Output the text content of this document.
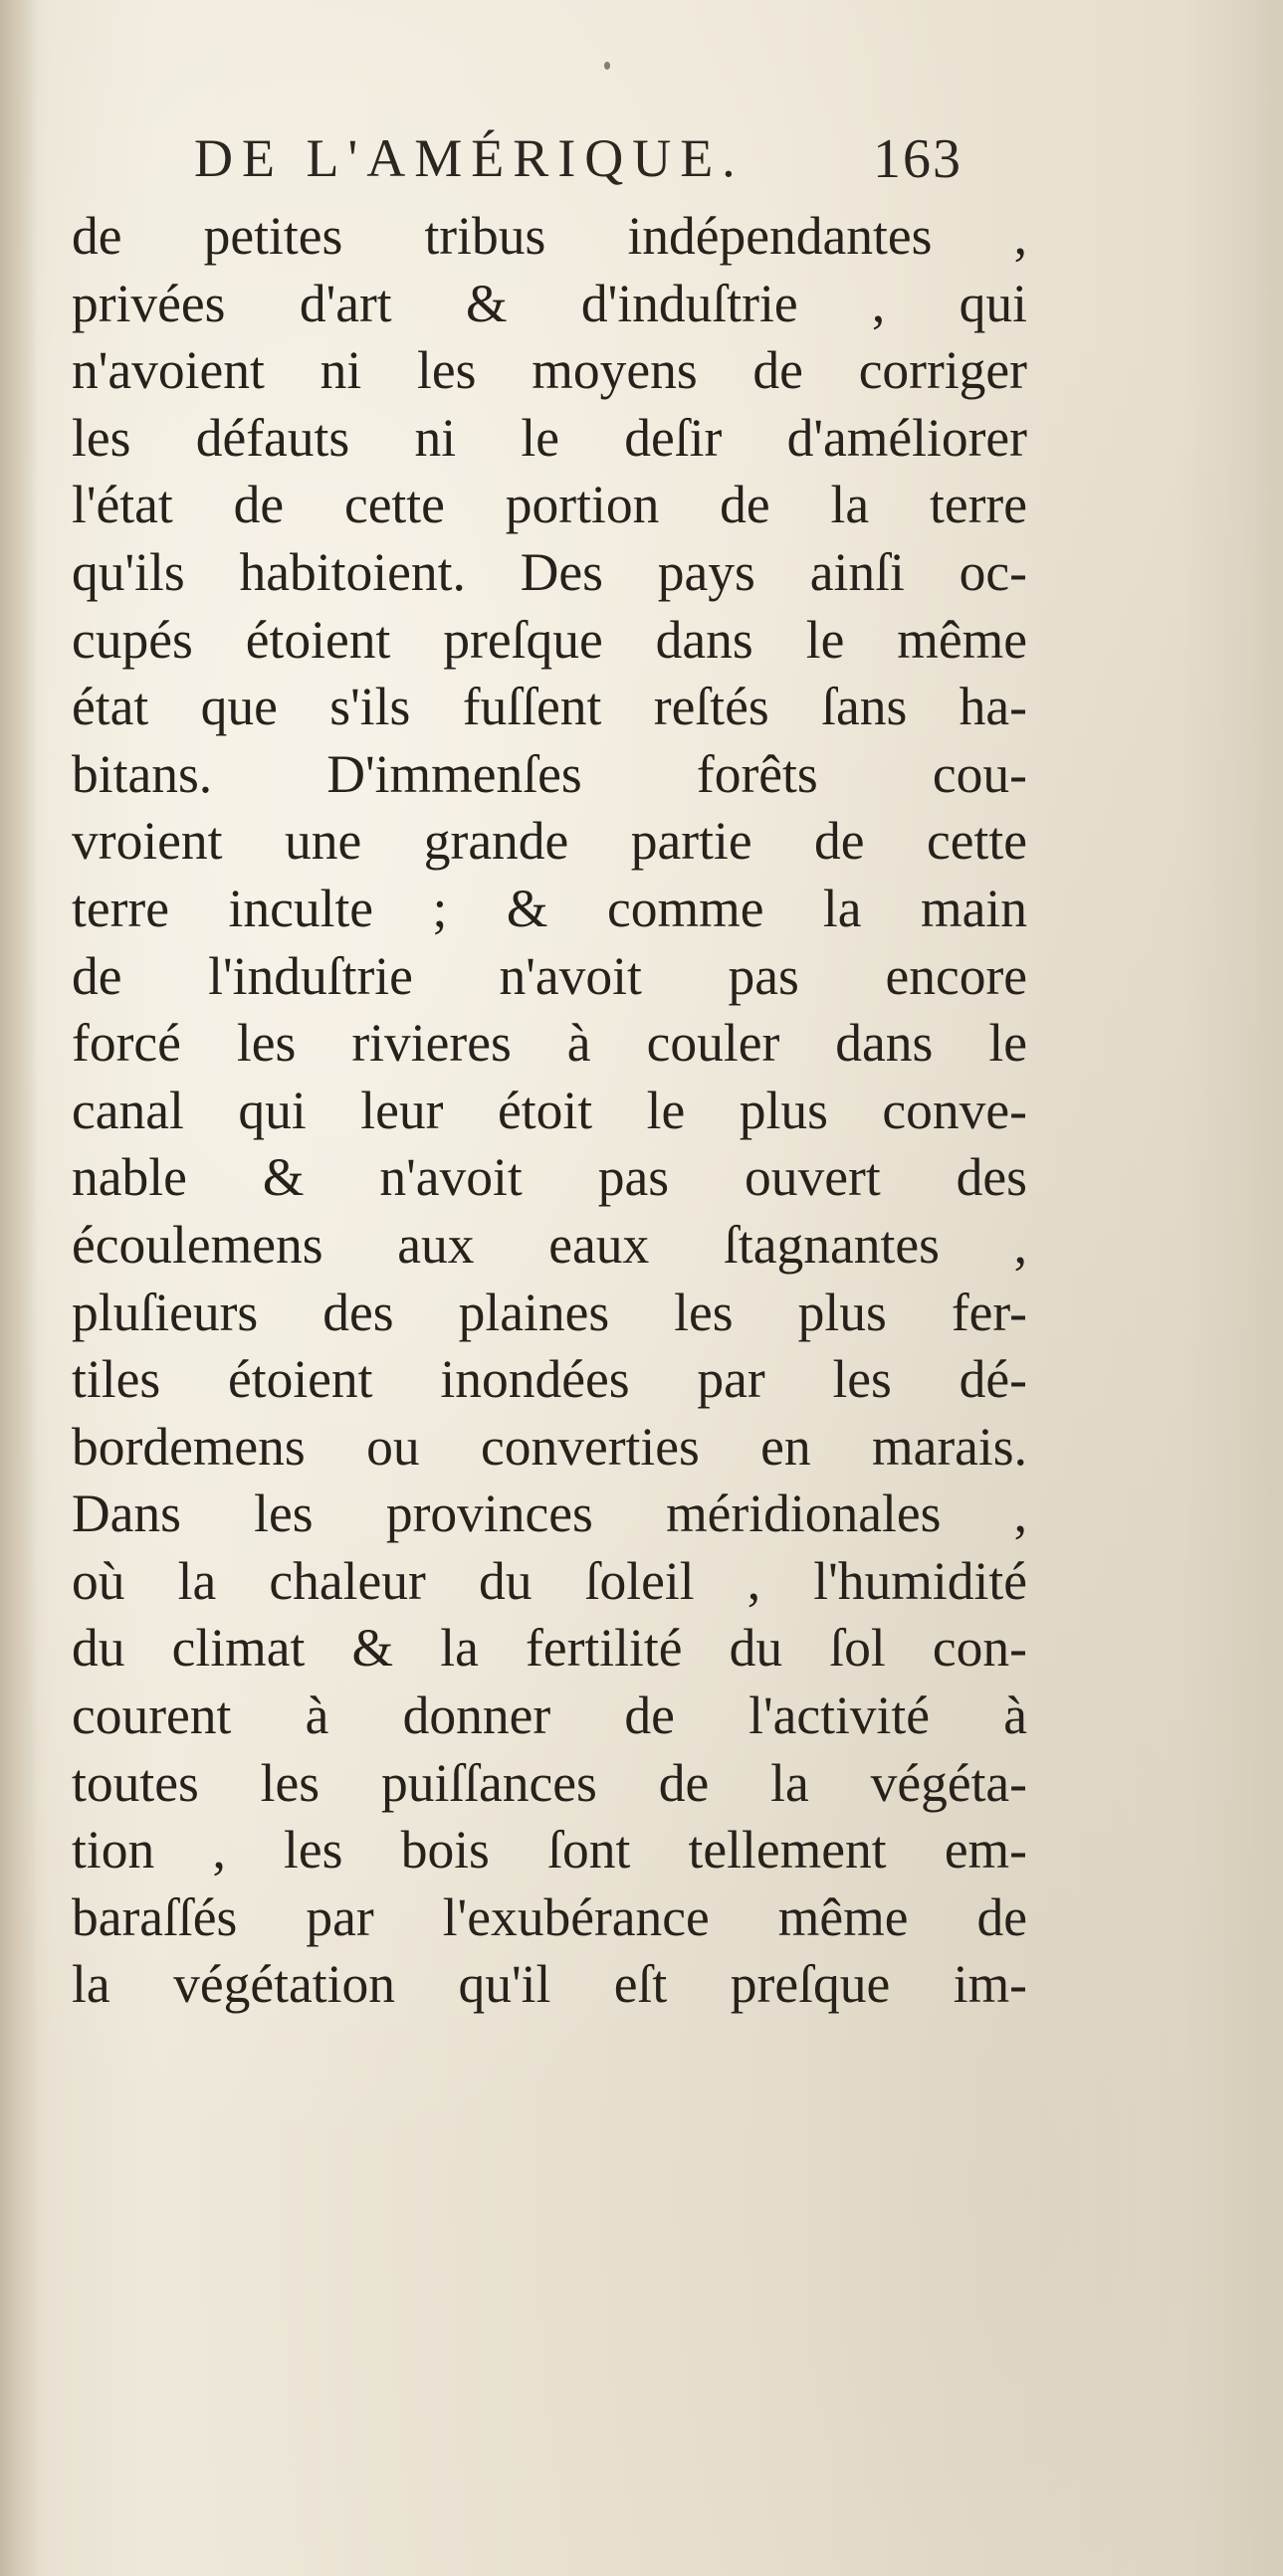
DE L'AMÉRIQUE. 163
de petites tribus indépendantes ,
privées d'art & d'induſtrie , qui
n'avoient ni les moyens de corriger
les défauts ni le deſir d'améliorer
l'état de cette portion de la terre
qu'ils habitoient. Des pays ainſi oc-
cupés étoient preſque dans le même
état que s'ils fuſſent reſtés ſans ha-
bitans. D'immenſes forêts cou-
vroient une grande partie de cette
terre inculte ; & comme la main
de l'induſtrie n'avoit pas encore
forcé les rivieres à couler dans le
canal qui leur étoit le plus conve-
nable & n'avoit pas ouvert des
écoulemens aux eaux ſtagnantes ,
pluſieurs des plaines les plus fer-
tiles étoient inondées par les dé-
bordemens ou converties en marais.
Dans les provinces méridionales ,
où la chaleur du ſoleil , l'humidité
du climat & la fertilité du ſol con-
courent à donner de l'activité à
toutes les puiſſances de la végéta-
tion , les bois ſont tellement em-
baraſſés par l'exubérance même de
la végétation qu'il eſt preſque im-
